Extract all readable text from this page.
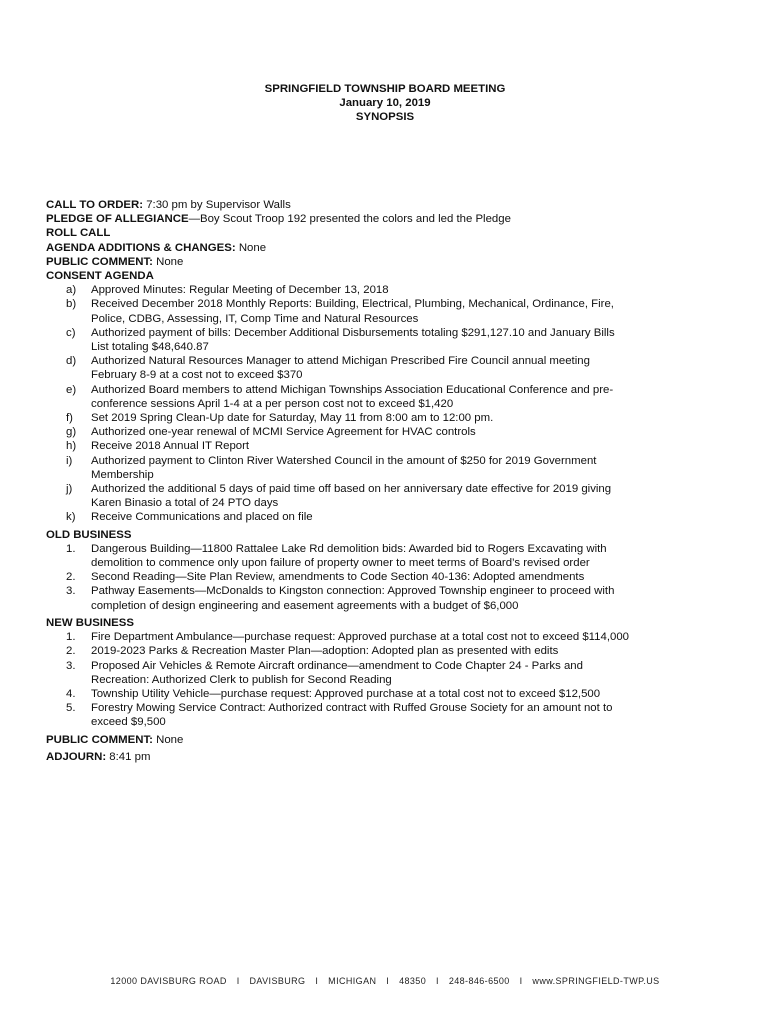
SPRINGFIELD TOWNSHIP BOARD MEETING
January 10, 2019
SYNOPSIS

CALL TO ORDER: 7:30 pm by Supervisor Walls

PLEDGE OF ALLEGIANCE—Boy Scout Troop 192 presented the colors and led the Pledge

ROLL CALL

AGENDA ADDITIONS & CHANGES: None

PUBLIC COMMENT: None

CONSENT AGENDA

a) Approved Minutes: Regular Meeting of December 13, 2018
b) Received December 2018 Monthly Reports: Building, Electrical, Plumbing, Mechanical, Ordinance, Fire,
Police, CDBG, Assessing, IT, Comp Time and Natural Resources
c) Authorized payment of bills: December Additional Disbursements totaling $291,127.10 and January Bills
List totaling $48,640.87
d) Authorized Natural Resources Manager to attend Michigan Prescribed Fire Council annual meeting
February 8-9 at a cost not to exceed $370
e) Authorized Board members to attend Michigan Townships Association Educational Conference and pre-
conference sessions April 1-4 at a per person cost not to exceed $1,420
f) Set 2019 Spring Clean-Up date for Saturday, May 11 from 8:00 am to 12:00 pm.
g) Authorized one-year renewal of MCMI Service Agreement for HVAC controls
h) Receive 2018 Annual IT Report
i) Authorized payment to Clinton River Watershed Council in the amount of $250 for 2019 Government
Membership
j) Authorized the additional 5 days of paid time off based on her anniversary date effective for 2019 giving
Karen Binasio a total of 24 PTO days
k) Receive Communications and placed on file

OLD BUSINESS

1. Dangerous Building—11800 Rattalee Lake Rd demolition bids: Awarded bid to Rogers Excavating with
demolition to commence only upon failure of property owner to meet terms of Board’s revised order
2. Second Reading—Site Plan Review, amendments to Code Section 40-136: Adopted amendments
3. Pathway Easements—McDonalds to Kingston connection: Approved Township engineer to proceed with
completion of design engineering and easement agreements with a budget of $6,000

NEW BUSINESS

1. Fire Department Ambulance—purchase request: Approved purchase at a total cost not to exceed $114,000
2. 2019-2023 Parks & Recreation Master Plan—adoption: Adopted plan as presented with edits
3. Proposed Air Vehicles & Remote Aircraft ordinance—amendment to Code Chapter 24 - Parks and
Recreation: Authorized Clerk to publish for Second Reading
4. Township Utility Vehicle—purchase request: Approved purchase at a total cost not to exceed $12,500
5. Forestry Mowing Service Contract: Authorized contract with Ruffed Grouse Society for an amount not to
exceed $9,500

PUBLIC COMMENT: None

ADJOURN: 8:41 pm

12000 DAVISBURG ROAD I DAVISBURG I MICHIGAN I 48350 I 248-846-6500 I www.SPRINGFIELD-TWP.US
